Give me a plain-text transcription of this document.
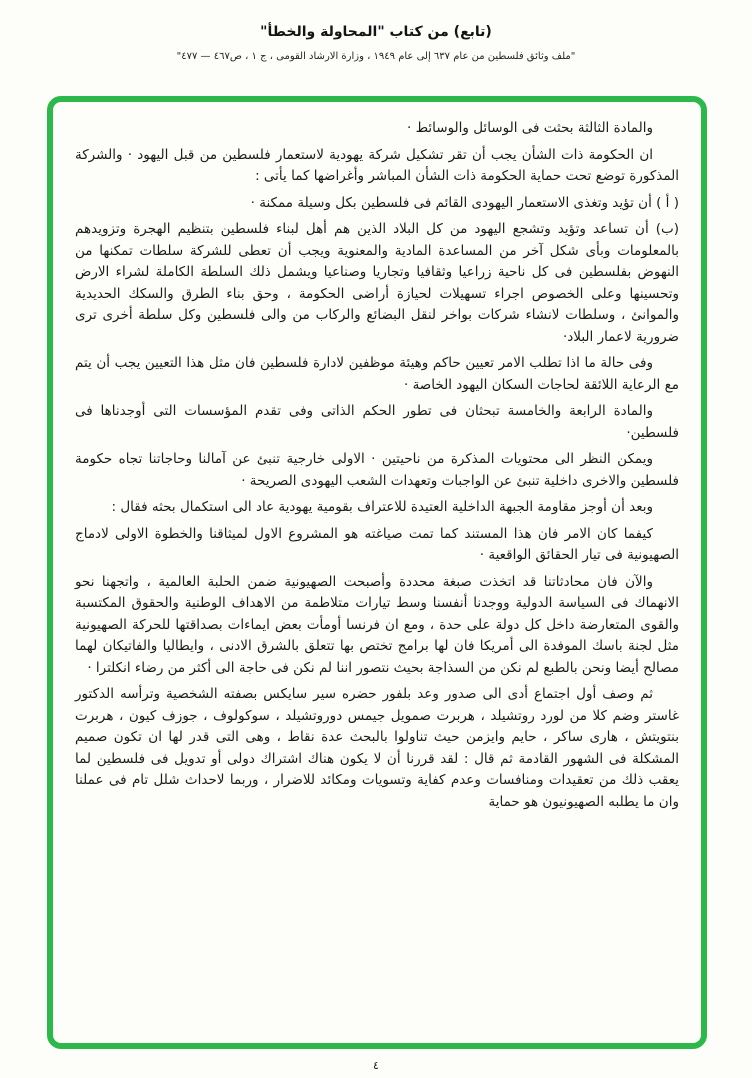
(تابع) من كتاب "المحاولة والخطأ"
"ملف وثائق فلسطين من عام ٦٣٧ إلى عام ١٩٤٩ ، وزارة الارشاد القومى ، ج ١ ، ص٤٦٧ — ٤٧٧"

والمادة الثالثة بحثت فى الوسائل والوسائط ·

ان الحكومة ذات الشأن يجب أن تقر تشكيل شركة يهودية لاستعمار فلسطين من قبل اليهود · والشركة المذكورة توضع تحت حماية الحكومة ذات الشأن المباشر وأغراضها كما يأتى :

( أ ) أن تؤيد وتغذى الاستعمار اليهودى القائم فى فلسطين بكل وسيلة ممكنة ·

(ب) أن تساعد وتؤيد وتشجع اليهود من كل البلاد الذين هم أهل لبناء فلسطين بتنظيم الهجرة وتزويدهم بالمعلومات وبأى شكل آخر من المساعدة المادية والمعنوية ويجب أن تعطى للشركة سلطات تمكنها من النهوض بفلسطين فى كل ناحية زراعيا وثقافيا وتجاريا وصناعيا ويشمل ذلك السلطة الكاملة لشراء الارض وتحسينها وعلى الخصوص اجراء تسهيلات لحيازة أراضى الحكومة ، وحق بناء الطرق والسكك الحديدية والموانئ ، وسلطات لانشاء شركات بواخر لنقل البضائع والركاب من والى فلسطين وكل سلطة أخرى ترى ضرورية لاعمار البلاد·

وفى حالة ما اذا تطلب الامر تعيين حاكم وهيئة موظفين لادارة فلسطين فان مثل هذا التعيين يجب أن يتم مع الرعاية اللائقة لحاجات السكان اليهود الخاصة ·

والمادة الرابعة والخامسة تبحثان فى تطور الحكم الذاتى وفى تقدم المؤسسات التى أوجدناها فى فلسطين·

ويمكن النظر الى محتويات المذكرة من ناحيتين · الاولى خارجية تنبئ عن آمالنا وحاجاتنا تجاه حكومة فلسطين والاخرى داخلية تنبئ عن الواجبات وتعهدات الشعب اليهودى الصريحة ·

وبعد أن أوجز مقاومة الجبهة الداخلية العتيدة للاعتراف بقومية يهودية عاد الى استكمال بحثه فقال :

كيفما كان الامر فان هذا المستند كما تمت صياغته هو المشروع الاول لميثاقنا والخطوة الاولى لادماج الصهيونية فى تيار الحقائق الواقعية ·

والآن فان محادثاتنا قد اتخذت صبغة محددة وأصبحت الصهيونية ضمن الحلبة العالمية ، واتجهنا نحو الانهماك فى السياسة الدولية ووجدنا أنفسنا وسط تيارات متلاطمة من الاهداف الوطنية والحقوق المكتسبة والقوى المتعارضة داخل كل دولة على حدة ، ومع ان فرنسا أومأت بعض ايماءات بصداقتها للحركة الصهيونية مثل لجنة باسك الموفدة الى أمريكا فان لها برامج تختص بها تتعلق بالشرق الادنى ، وايطاليا والفاتيكان لهما مصالح أيضا ونحن بالطبع لم نكن من السذاجة بحيث نتصور اننا لم نكن فى حاجة الى أكثر من رضاء انكلترا ·

ثم وصف أول اجتماع أدى الى صدور وعد بلفور حضره سير سايكس بصفته الشخصية وترأسه الدكتور غاستر وضم كلا من لورد روتشيلد ، هربرت صمويل جيمس دوروتشيلد ، سوكولوف ، جوزف كيون ، هربرت بنتويتش ، هارى ساكر ، حايم وايزمن حيث تناولوا بالبحث عدة نقاط ، وهى التى قدر لها ان تكون صميم المشكلة فى الشهور القادمة ثم قال : لقد قررنا أن لا يكون هناك اشتراك دولى أو تدويل فى فلسطين لما يعقب ذلك من تعقيدات ومنافسات وعدم كفاية وتسويات ومكائد للاضرار ، وربما لاحداث شلل تام فى عملنا وان ما يطلبه الصهيونيون هو حماية

٤
